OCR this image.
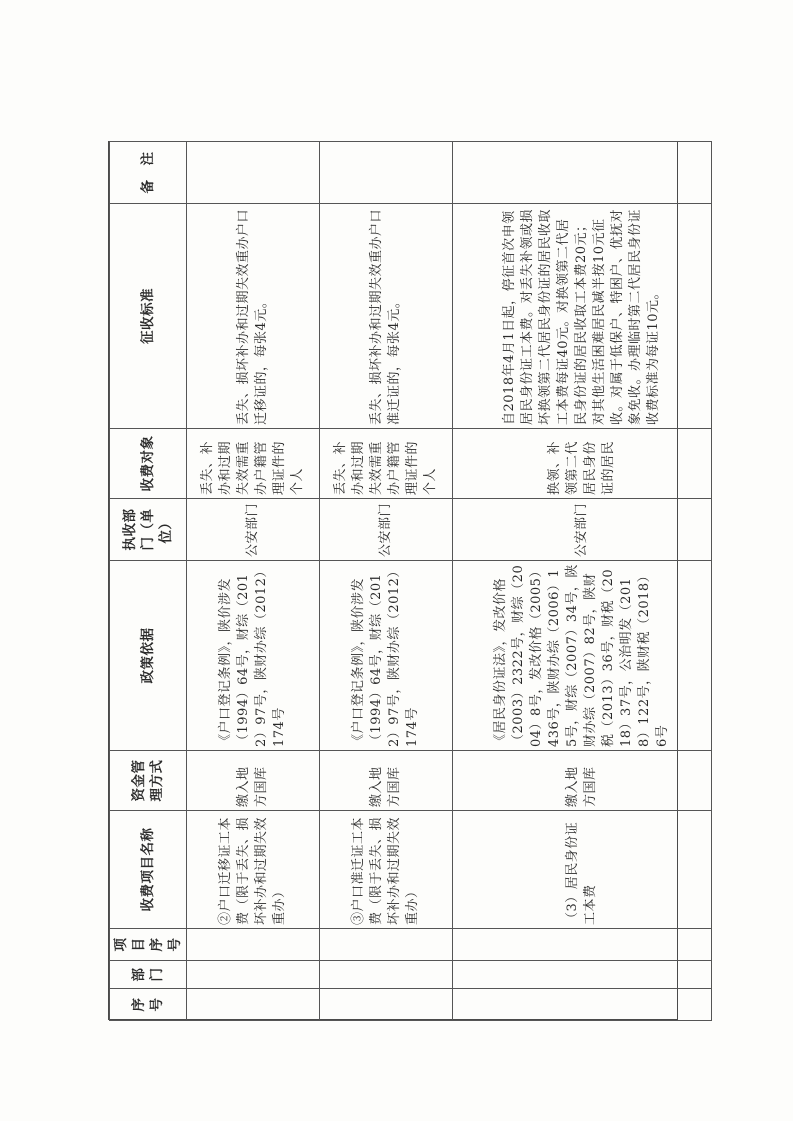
序号	部门	项目序号	收费项目名称	资金管理方式	政策依据	执收部门（单位）	收费对象	征收标准	备　注
			②户口迁移证工本费（限于丢失、损坏补办和过期失效重办）	缴入地方国库	《户口登记条例》，陕价涉发（1994）64号，财综（2012）97号，陕财办综（2012）174号	公安部门	丢失、补办和过期失效需重办户籍管理证件的个人	丢失、损坏补办和过期失效重办户口迁移证的，每张4元。	
			③户口准迁证工本费（限于丢失、损坏补办和过期失效重办）	缴入地方国库	《户口登记条例》，陕价涉发（1994）64号，财综（2012）97号，陕财办综（2012）174号	公安部门	丢失、补办和过期失效需重办户籍管理证件的个人	丢失、损坏补办和过期失效重办户口准迁证的，每张4元。	
			（3）居民身份证工本费	缴入地方国库	《居民身份证法》，发改价格（2003）2322号，财综（2004）8号，发改价格（2005）436号，陕财办综（2006）15号，财综（2007）34号，陕财办综（2007）82号，陕财税（2013）36号，财税（2018）37号，公治明发（2018）122号，陕财税（2018）6号	公安部门	换领、补领第二代居民身份证的居民	自2018年4月1日起，停征首次申领居民身份证工本费。对丢失补领或损坏换领第二代居民身份证的居民收取工本费每证40元。对换领第二代居民身份证的居民收取工本费20元；对其他生活困难居民减半按10元征收。对属于低保户、特困户、优抚对象免收。办理临时第二代居民身份证收费标准为每证10元。	
